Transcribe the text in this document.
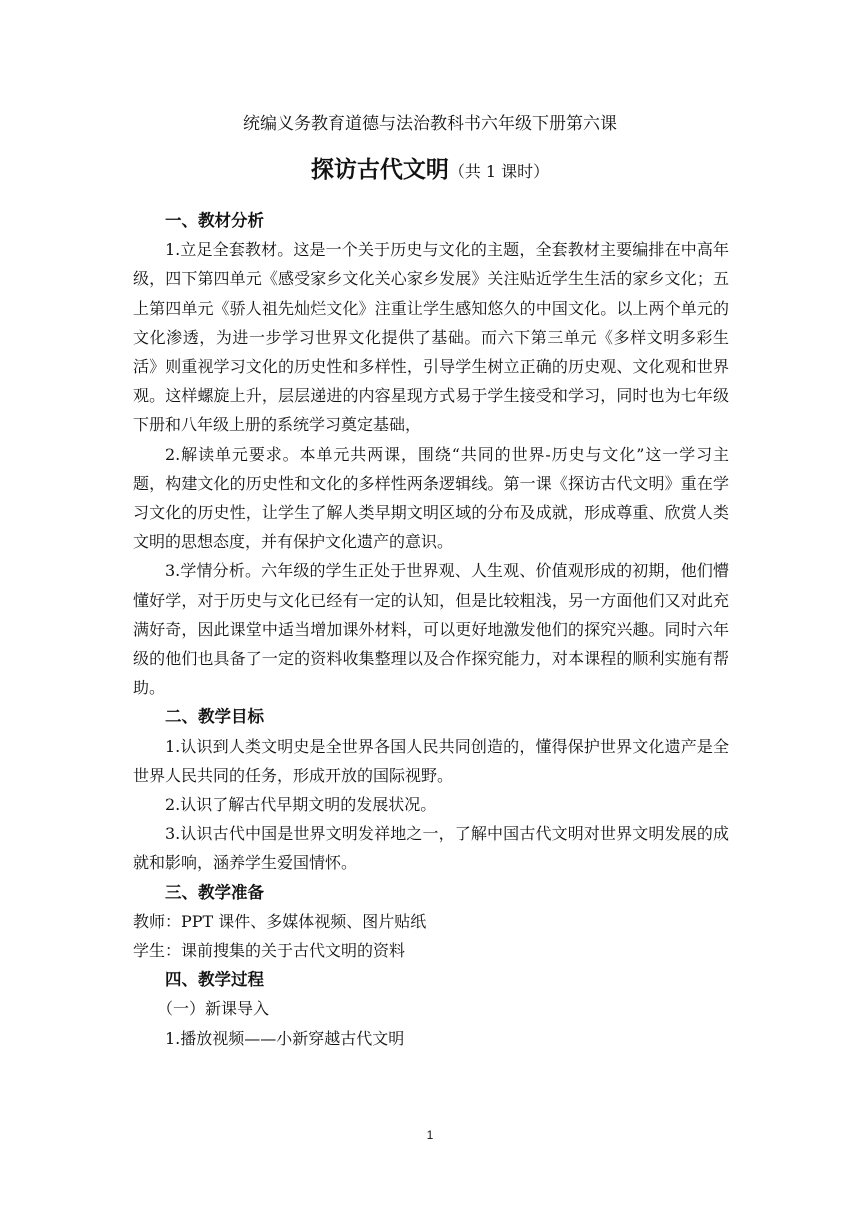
统编义务教育道德与法治教科书六年级下册第六课
探访古代文明（共 1 课时）

一、教材分析

1.立足全套教材。这是一个关于历史与文化的主题，全套教材主要编排在中高年级，四下第四单元《感受家乡文化关心家乡发展》关注贴近学生生活的家乡文化；五上第四单元《骄人祖先灿烂文化》注重让学生感知悠久的中国文化。以上两个单元的文化渗透，为进一步学习世界文化提供了基础。而六下第三单元《多样文明多彩生活》则重视学习文化的历史性和多样性，引导学生树立正确的历史观、文化观和世界观。这样螺旋上升，层层递进的内容星现方式易于学生接受和学习，同时也为七年级下册和八年级上册的系统学习奠定基础，

2.解读单元要求。本单元共两课，围绕“共同的世界-历史与文化”这一学习主题，构建文化的历史性和文化的多样性两条逻辑线。第一课《探访古代文明》重在学习文化的历史性，让学生了解人类早期文明区域的分布及成就，形成尊重、欣赏人类文明的思想态度，并有保护文化遗产的意识。

3.学情分析。六年级的学生正处于世界观、人生观、价值观形成的初期，他们懵懂好学，对于历史与文化已经有一定的认知，但是比较粗浅，另一方面他们又对此充满好奇，因此课堂中适当增加课外材料，可以更好地激发他们的探究兴趣。同时六年级的他们也具备了一定的资料收集整理以及合作探究能力，对本课程的顺利实施有帮助。

二、教学目标

1.认识到人类文明史是全世界各国人民共同创造的，懂得保护世界文化遗产是全世界人民共同的任务，形成开放的国际视野。

2.认识了解古代早期文明的发展状况。

3.认识古代中国是世界文明发祥地之一，了解中国古代文明对世界文明发展的成就和影响，涵养学生爱国情怀。

三、教学准备

教师：PPT 课件、多媒体视频、图片贴纸

学生：课前搜集的关于古代文明的资料

四、教学过程

（一）新课导入

1.播放视频——小新穿越古代文明

1
